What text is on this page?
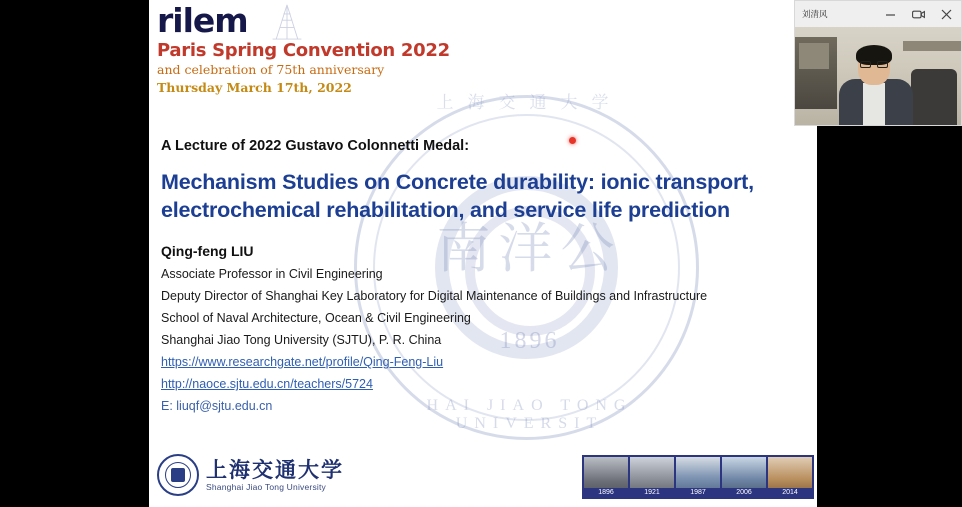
上海交通大学
南洋公
1896
HAI JIAO TONG UNIVERSIT
rilem
Paris Spring Convention 2022
and celebration of 75th anniversary
Thursday March 17th, 2022
A Lecture of 2022 Gustavo Colonnetti Medal:
Mechanism Studies on Concrete durability: ionic transport, electrochemical rehabilitation, and service life prediction
Qing-feng LIU
Associate Professor in Civil Engineering
Deputy Director of Shanghai Key Laboratory for Digital Maintenance of Buildings and Infrastructure
School of Naval Architecture, Ocean & Civil Engineering
Shanghai Jiao Tong University (SJTU), P. R. China
https://www.researchgate.net/profile/Qing-Feng-Liu
http://naoce.sjtu.edu.cn/teachers/5724
E: liuqf@sjtu.edu.cn
上海交通大学
Shanghai Jiao Tong University
1896	1921	1987	2006	2014
刘清风
